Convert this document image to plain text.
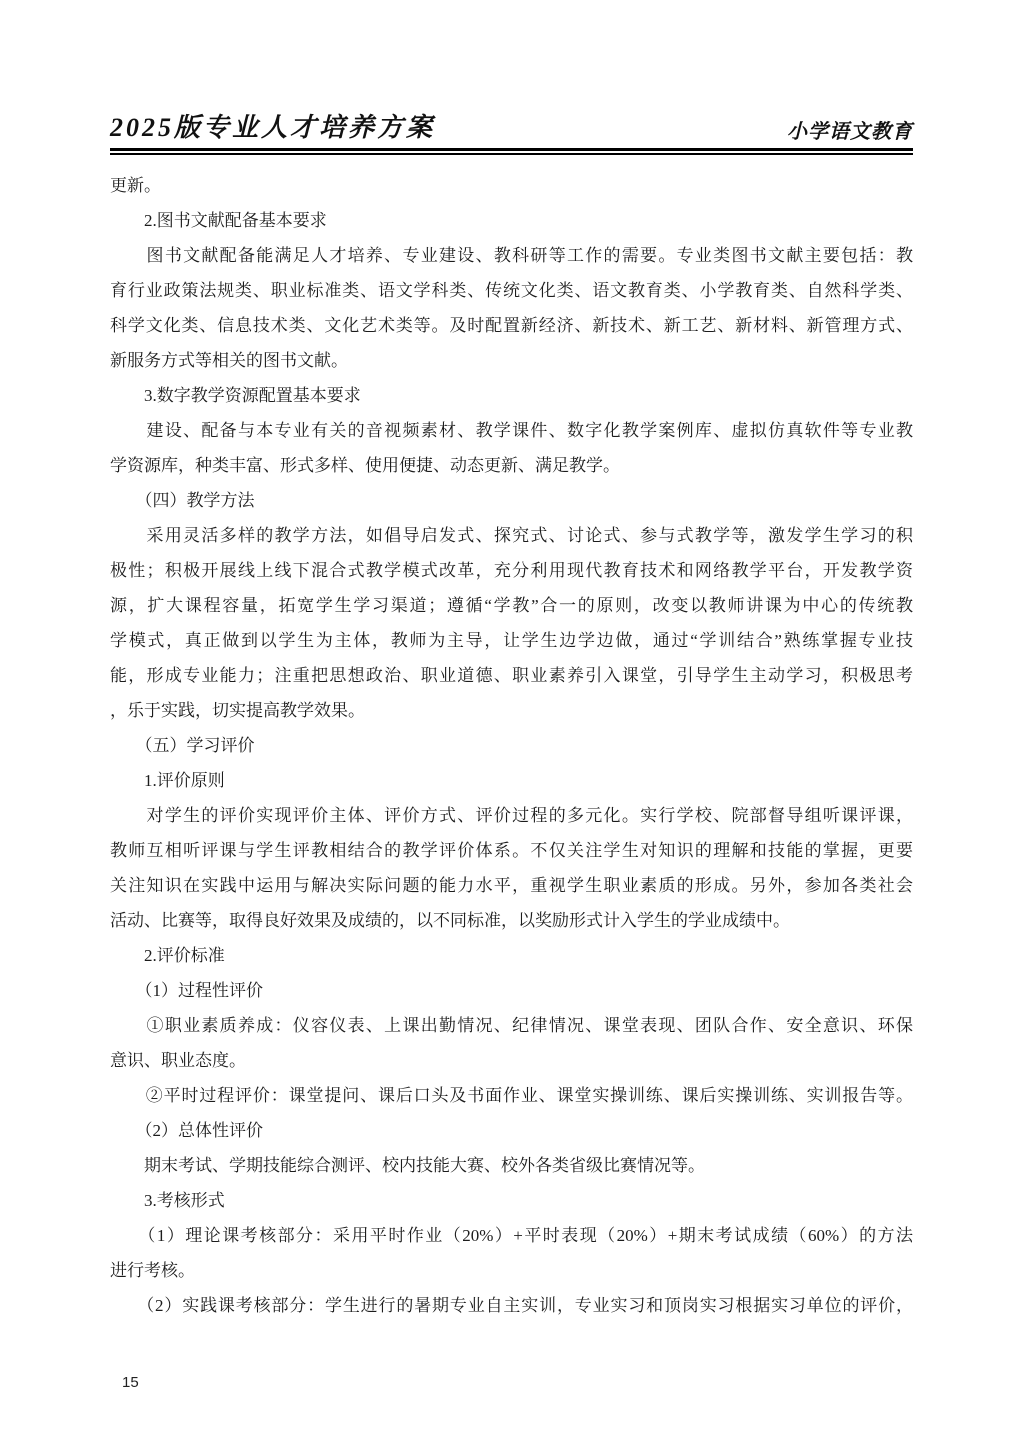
2025版专业人才培养方案	小学语文教育
更新。
　　2.图书文献配备基本要求
　　图书文献配备能满足人才培养、专业建设、教科研等工作的需要。专业类图书文献主要包括：教
育行业政策法规类、职业标准类、语文学科类、传统文化类、语文教育类、小学教育类、自然科学类、
科学文化类、信息技术类、文化艺术类等。及时配置新经济、新技术、新工艺、新材料、新管理方式、
新服务方式等相关的图书文献。
　　3.数字教学资源配置基本要求
　　建设、配备与本专业有关的音视频素材、教学课件、数字化教学案例库、虚拟仿真软件等专业教
学资源库，种类丰富、形式多样、使用便捷、动态更新、满足教学。
　　（四）教学方法
　　采用灵活多样的教学方法，如倡导启发式、探究式、讨论式、参与式教学等，激发学生学习的积
极性；积极开展线上线下混合式教学模式改革，充分利用现代教育技术和网络教学平台，开发教学资
源，扩大课程容量，拓宽学生学习渠道；遵循“学教”合一的原则，改变以教师讲课为中心的传统教
学模式，真正做到以学生为主体，教师为主导，让学生边学边做，通过“学训结合”熟练掌握专业技
能，形成专业能力；注重把思想政治、职业道德、职业素养引入课堂，引导学生主动学习，积极思考
，乐于实践，切实提高教学效果。
　　（五）学习评价
　　1.评价原则
　　对学生的评价实现评价主体、评价方式、评价过程的多元化。实行学校、院部督导组听课评课，
教师互相听评课与学生评教相结合的教学评价体系。不仅关注学生对知识的理解和技能的掌握，更要
关注知识在实践中运用与解决实际问题的能力水平，重视学生职业素质的形成。另外，参加各类社会
活动、比赛等，取得良好效果及成绩的，以不同标准，以奖励形式计入学生的学业成绩中。
　　2.评价标准
　　（1）过程性评价
　　①职业素质养成：仪容仪表、上课出勤情况、纪律情况、课堂表现、团队合作、安全意识、环保
意识、职业态度。
　　②平时过程评价：课堂提问、课后口头及书面作业、课堂实操训练、课后实操训练、实训报告等。
　　（2）总体性评价
　　期末考试、学期技能综合测评、校内技能大赛、校外各类省级比赛情况等。
　　3.考核形式
　　（1）理论课考核部分：采用平时作业（20%）+平时表现（20%）+期末考试成绩（60%）的方法
进行考核。
　　（2）实践课考核部分：学生进行的暑期专业自主实训，专业实习和顶岗实习根据实习单位的评价，
15
